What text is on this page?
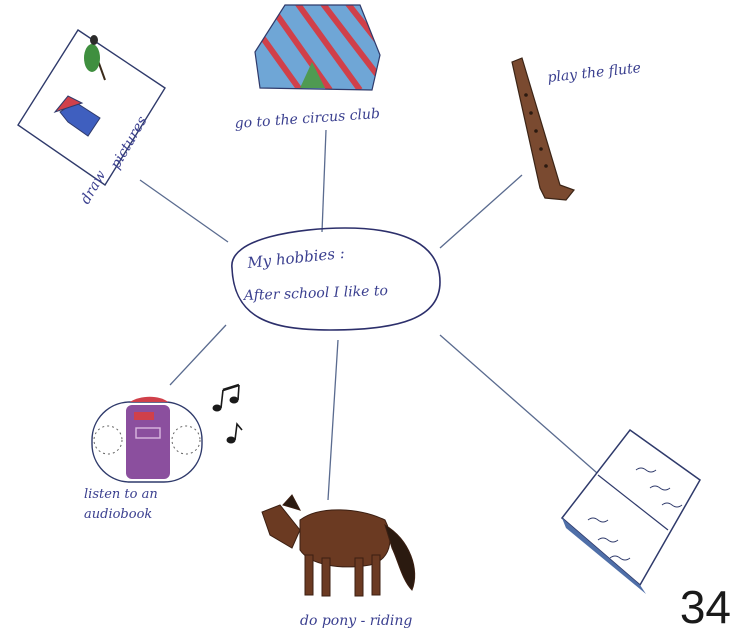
My hobbies :
After school I like to
go to the circus club
play the flute
draw
pictures
listen to an
audiobook
do pony - riding	34
